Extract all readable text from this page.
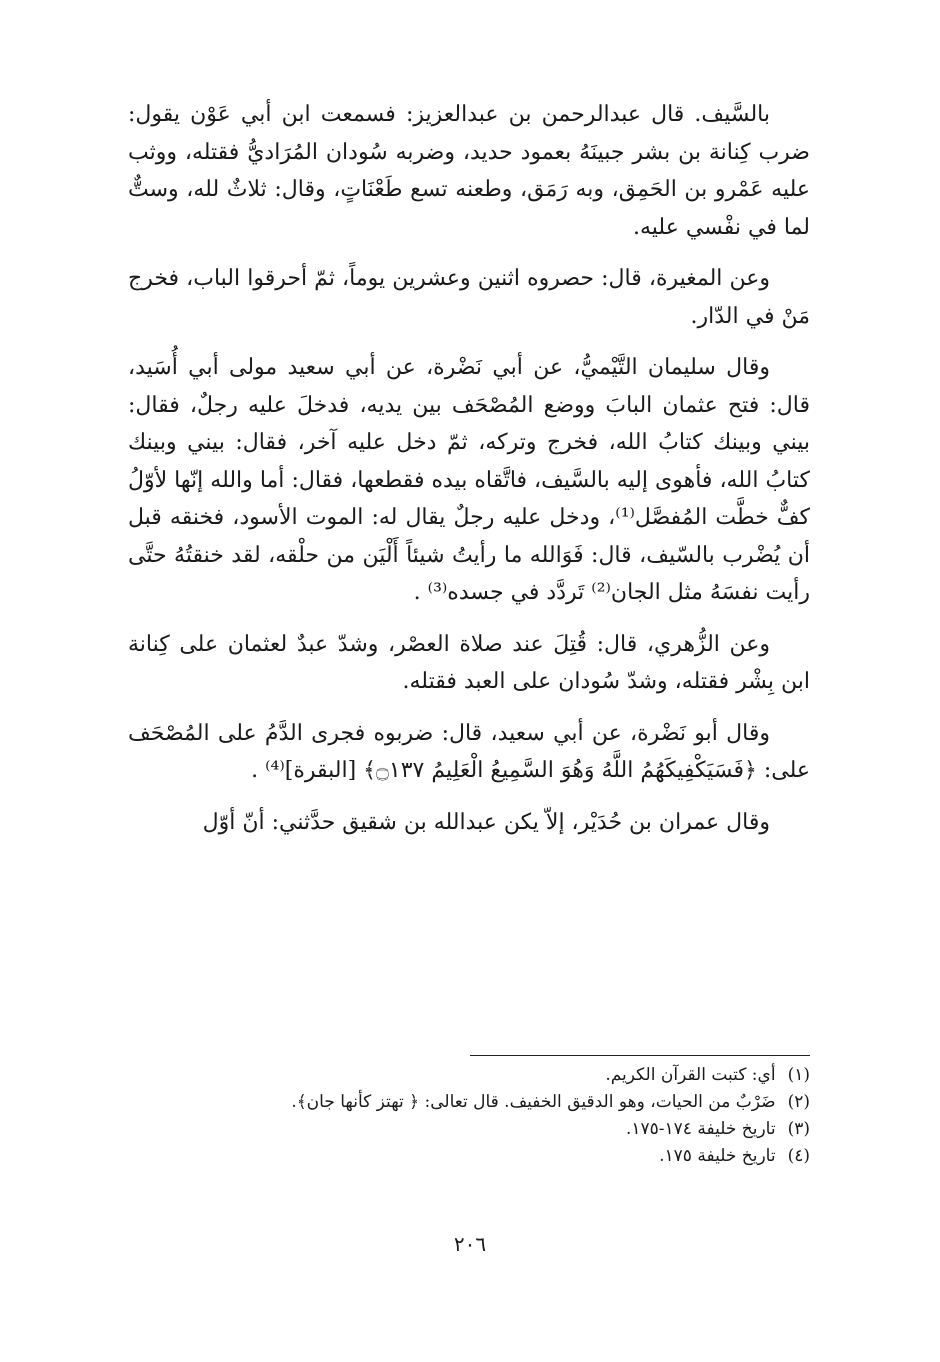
بالسَّيف. قال عبدالرحمن بن عبدالعزيز: فسمعت ابن أبي عَوْن يقول: ضرب كِنانة بن بشر جبينَهُ بعمود حديد، وضربه سُودان المُرَاديُّ فقتله، ووثب عليه عَمْرو بن الحَمِق، وبه رَمَق، وطعنه تسع طَعْنَاتٍ، وقال: ثلاثٌ لله، وستٌّ لما في نفْسي عليه.
وعن المغيرة، قال: حصروه اثنين وعشرين يوماً، ثمّ أحرقوا الباب، فخرج مَنْ في الدّار.
وقال سليمان التَّيْميُّ، عن أبي نَضْرة، عن أبي سعيد مولى أبي أُسَيد، قال: فتح عثمان البابَ ووضع المُصْحَف بين يديه، فدخلَ عليه رجلٌ، فقال: بيني وبينك كتابُ الله، فخرج وتركه، ثمّ دخل عليه آخر، فقال: بيني وبينك كتابُ الله، فأهوى إليه بالسَّيف، فاتَّقاه بيده فقطعها، فقال: أما والله إنّها لأوّلُ كفٌّ خطَّت المُفصَّل⁽¹⁾، ودخل عليه رجلٌ يقال له: الموت الأسود، فخنقه قبل أن يُضْرب بالسّيف، قال: فَوَالله ما رأيتُ شيئاً أَلْيَن من حلْقه، لقد خنقتُهُ حتَّى رأيت نفسَهُ مثل الجان⁽²⁾ تَردَّد في جسده⁽³⁾ .
وعن الزُّهري، قال: قُتِلَ عند صلاة العصْر، وشدّ عبدٌ لعثمان على كِنانة ابن بِشْر فقتله، وشدّ سُودان على العبد فقتله.
وقال أبو نَضْرة، عن أبي سعيد، قال: ضربوه فجرى الدَّمُ على المُصْحَف على: ﴿فَسَيَكْفِيكَهُمُ اللَّهُ وَهُوَ السَّمِيعُ الْعَلِيمُ ۝١٣٧﴾ [البقرة]⁽⁴⁾ .
وقال عمران بن حُدَيْر، إلاّ يكن عبدالله بن شقيق حدَّثني: أنّ أوّل
(١)أي: كتبت القرآن الكريم.
(٢)ضَرْبٌ من الحيات، وهو الدقيق الخفيف. قال تعالى: ﴿ تهتز كأنها جان﴾.
(٣)تاريخ خليفة ١٧٤-١٧٥.
(٤)تاريخ خليفة ١٧٥.
٢٠٦
